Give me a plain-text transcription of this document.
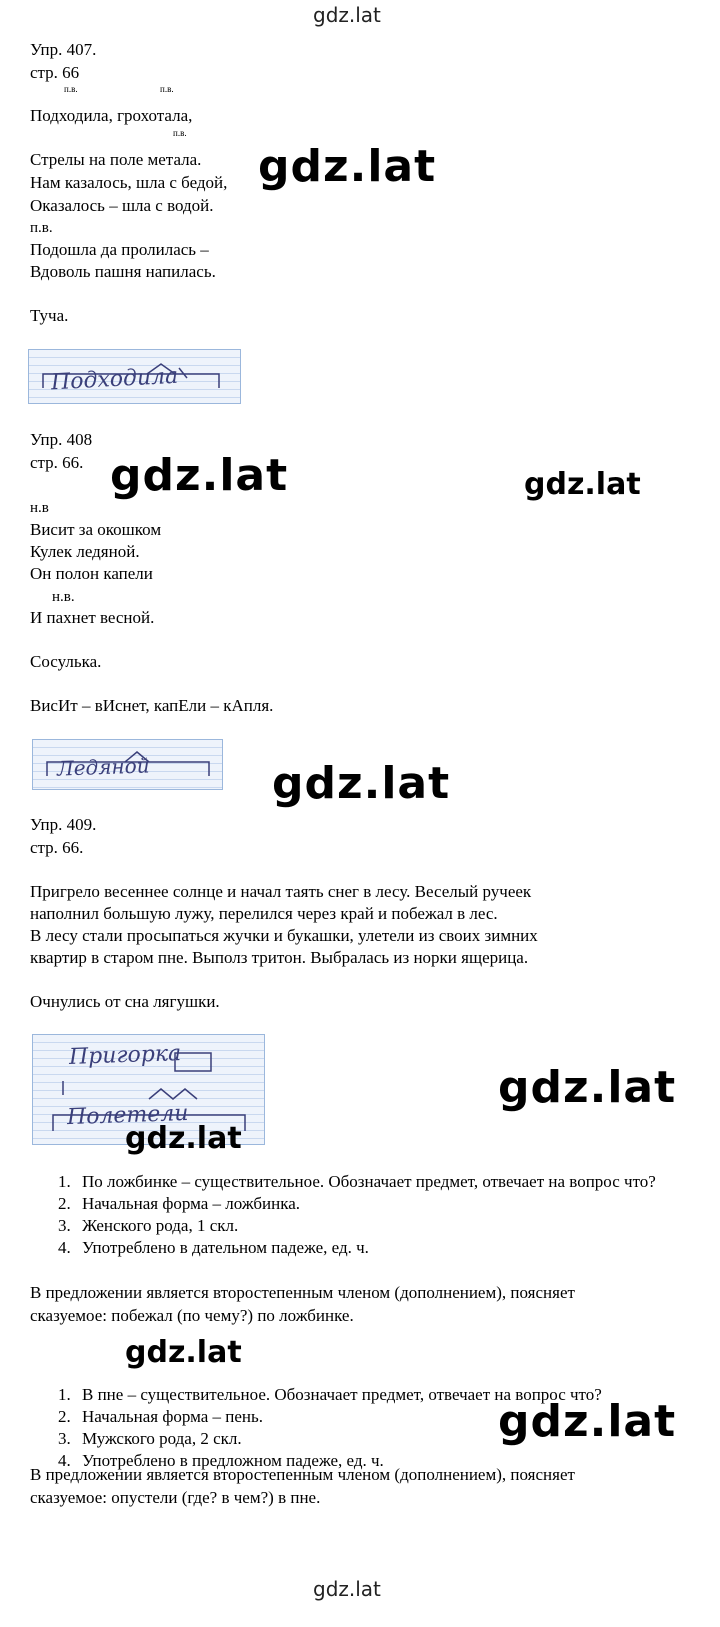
gdz.lat
Упр. 407.
стр. 66
п.в.	п.в.
Подходила, грохотала,
п.в.
Стрелы на поле метала.
Нам казалось, шла с бедой,
Оказалось – шла с водой.
п.в.
Подошла да пролилась –
Вдоволь пашня напилась.
Туча.
gdz.lat
Подходила
Упр. 408
стр. 66. gdz.lat	gdz.lat
н.в
Висит за окошком
Кулек ледяной.
Он полон капели
н.в.
И пахнет весной.
Сосулька.
ВисИт – вИснет, капЕли – кАпля.
Ледяной	gdz.lat
Упр. 409.
стр. 66.
Пригрело весеннее солнце и начал таять снег в лесу. Веселый ручеек
наполнил большую лужу, перелился через край и побежал в лес.
В лесу стали просыпаться жучки и букашки, улетели из своих зимних
квартир в старом пне. Выполз тритон. Выбралась из норки ящерица.
Очнулись от сна лягушки.
Пригорка
Полетели
gdz.lat
gdz.lat
1. По ложбинке – существительное. Обозначает предмет, отвечает на вопрос что?
2. Начальная форма – ложбинка.
3. Женского рода, 1 скл.
4. Употреблено в дательном падеже, ед. ч.
В предложении является второстепенным членом (дополнением), поясняет
сказуемое: побежал (по чему?) по ложбинке.
gdz.lat
1. В пне – существительное. Обозначает предмет, отвечает на вопрос что?
2. Начальная форма – пень.
3. Мужского рода, 2 скл.
4. Употреблено в предложном падеже, ед. ч.
gdz.lat
В предложении является второстепенным членом (дополнением), поясняет
сказуемое: опустели (где? в чем?) в пне.
gdz.lat
